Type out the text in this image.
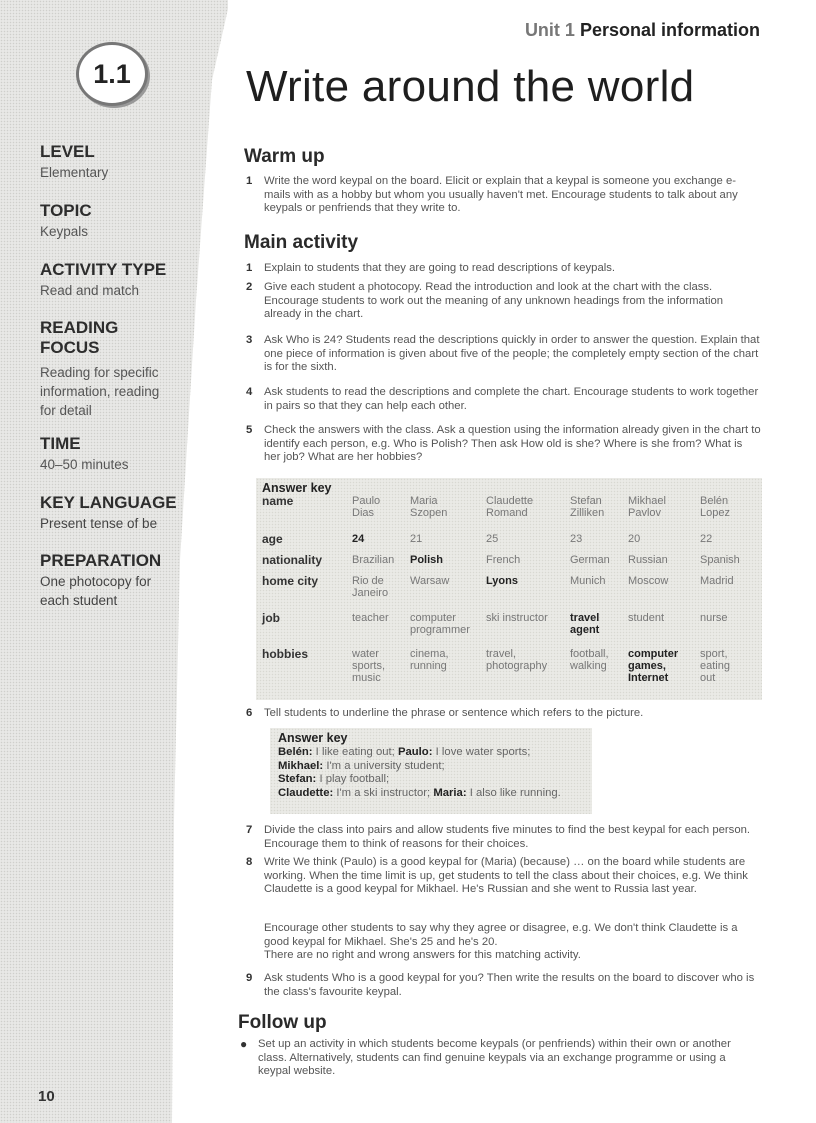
1.1
LEVEL
Elementary
TOPIC
Keypals
ACTIVITY TYPE
Read and match
READING FOCUS
Reading for specific information, reading for detail
TIME
40–50 minutes
KEY LANGUAGE
Present tense of be
PREPARATION
One photocopy for each student
10
Unit 1 Personal information
Write around the world
Warm up
1 Write the word keypal on the board. Elicit or explain that a keypal is someone you exchange e-mails with as a hobby but whom you usually haven't met. Encourage students to talk about any keypals or penfriends that they write to.
Main activity
1 Explain to students that they are going to read descriptions of keypals.
2 Give each student a photocopy. Read the introduction and look at the chart with the class. Encourage students to work out the meaning of any unknown headings from the information already in the chart.
3 Ask Who is 24? Students read the descriptions quickly in order to answer the question. Explain that one piece of information is given about five of the people; the completely empty section of the chart is for the sixth.
4 Ask students to read the descriptions and complete the chart. Encourage students to work together in pairs so that they can help each other.
5 Check the answers with the class. Ask a question using the information already given in the chart to identify each person, e.g. Who is Polish? Then ask How old is she? Where is she from? What is her job? What are her hobbies?
Answer key
name
age
nationality
home city
job
hobbies
Paulo Dias
24
Brazilian
Rio de Janeiro
teacher
water sports, music
Maria Szopen
21
Polish
Warsaw
computer programmer
cinema, running
Claudette Romand
25
French
Lyons
ski instructor
travel, photography
Stefan Zilliken
23
German
Munich
travel agent
football, walking
Mikhael Pavlov
20
Russian
Moscow
student
computer games, Internet
Belén Lopez
22
Spanish
Madrid
nurse
sport, eating out
6 Tell students to underline the phrase or sentence which refers to the picture.
Answer key
Belén: I like eating out; Paulo: I love water sports;
Mikhael: I'm a university student;
Stefan: I play football;
Claudette: I'm a ski instructor; Maria: I also like running.
7 Divide the class into pairs and allow students five minutes to find the best keypal for each person. Encourage them to think of reasons for their choices.
8 Write We think (Paulo) is a good keypal for (Maria) (because) … on the board while students are working. When the time limit is up, get students to tell the class about their choices, e.g. We think Claudette is a good keypal for Mikhael. He's Russian and she went to Russia last year.
Encourage other students to say why they agree or disagree, e.g. We don't think Claudette is a good keypal for Mikhael. She's 25 and he's 20.
There are no right and wrong answers for this matching activity.
9 Ask students Who is a good keypal for you? Then write the results on the board to discover who is the class's favourite keypal.
Follow up
● Set up an activity in which students become keypals (or penfriends) within their own or another class. Alternatively, students can find genuine keypals via an exchange programme or using a keypal website.
